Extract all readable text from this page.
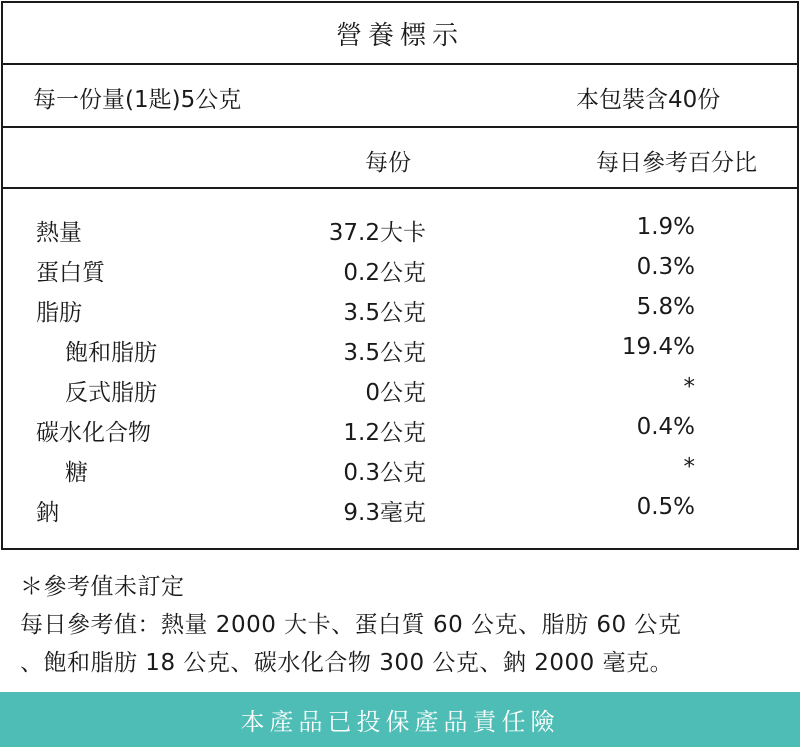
營養標示
每一份量(1匙)5公克	本包裝含40份
每份	每日參考百分比
熱量	37.2大卡	1.9%
蛋白質	0.2公克	0.3%
脂肪	3.5公克	5.8%
飽和脂肪	3.5公克	19.4%
反式脂肪	0公克	*
碳水化合物	1.2公克	0.4%
糖	0.3公克	*
鈉	9.3毫克	0.5%
＊參考值未訂定
每日參考值：熱量 2000 大卡、蛋白質 60 公克、脂肪 60 公克
、飽和脂肪 18 公克、碳水化合物 300 公克、鈉 2000 毫克。
本產品已投保產品責任險
